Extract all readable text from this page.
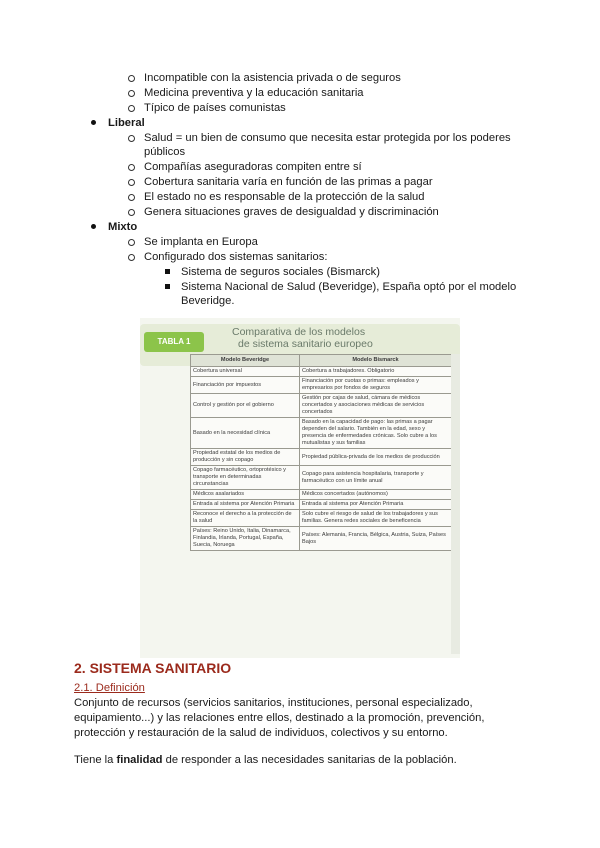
Incompatible con la asistencia privada o de seguros
Medicina preventiva y la educación sanitaria
Típico de países comunistas
Liberal
Salud = un bien de consumo que necesita estar protegida por los poderes
públicos
Compañías aseguradoras compiten entre sí
Cobertura sanitaria varía en función de las primas a pagar
El estado no es responsable de la protección de la salud
Genera situaciones graves de desigualdad y discriminación
Mixto
Se implanta en Europa
Configurado dos sistemas sanitarios:
Sistema de seguros sociales (Bismarck)
Sistema Nacional de Salud (Beveridge), España optó por el modelo
Beveridge.
TABLA 1
Comparativa de los modelos
de sistema sanitario europeo
Modelo Beveridge	Modelo Bismarck
Cobertura universal	Cobertura a trabajadores. Obligatorio
Financiación por impuestos	Financiación por cuotas o primas: empleados y empresarios por fondos de seguros
Control y gestión por el gobierno	Gestión por cajas de salud, cámara de médicos concertados y asociaciones médicas de servicios concertados
Basado en la necesidad clínica	Basado en la capacidad de pago: las primas a pagar dependen del salario. También en la edad, sexo y presencia de enfermedades crónicas. Solo cubre a los mutualistas y sus familias
Propiedad estatal de los medios de producción y sin copago	Propiedad pública-privada de los medios de producción
Copago farmacéutico, ortoprotésico y transporte en determinadas circunstancias	Copago para asistencia hospitalaria, transporte y farmacéutico con un límite anual
Médicos asalariados	Médicos concertados (autónomos)
Entrada al sistema por Atención Primaria	Entrada al sistema por Atención Primaria
Reconoce el derecho a la protección de la salud	Solo cubre el riesgo de salud de los trabajadores y sus familias. Genera redes sociales de beneficencia
Países: Reino Unido, Italia, Dinamarca, Finlandia, Irlanda, Portugal, España, Suecia, Noruega	Países: Alemania, Francia, Bélgica, Austria, Suiza, Países Bajos
2. SISTEMA SANITARIO
2.1. Definición
Conjunto de recursos (servicios sanitarios, instituciones, personal especializado,
equipamiento...) y las relaciones entre ellos, destinado a la promoción, prevención,
protección y restauración de la salud de individuos, colectivos y su entorno.
Tiene la finalidad de responder a las necesidades sanitarias de la población.
